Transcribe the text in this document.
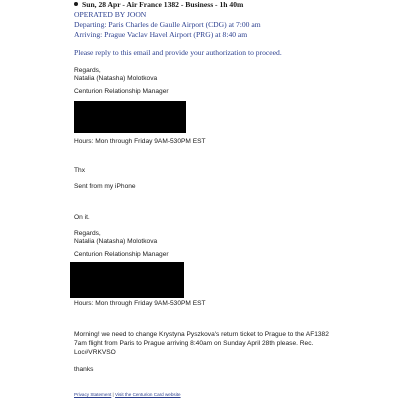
Sun, 28 Apr - Air France 1382 - Business - 1h 40m
OPERATED BY JOON
Departing: Paris Charles de Gaulle Airport (CDG) at 7:00 am
Arriving: Prague Vaclav Havel Airport (PRG) at 8:40 am
Please reply to this email and provide your authorization to proceed.
Regards,
Natalia (Natasha) Molotkova
Centurion Relationship Manager
Hours: Mon through Friday 9AM-530PM EST
Thx
Sent from my iPhone
On it.
Regards,
Natalia (Natasha) Molotkova
Centurion Relationship Manager
Hours: Mon through Friday 9AM-530PM EST
Morning! we need to change Krystyna Pyszkova's return ticket to Prague to the AF1382
7am flight from Paris to Prague arriving 8:40am on Sunday April 28th please. Rec.
Loc#VRKVSO
thanks
Privacy Statement | Visit the Centurion Card website
